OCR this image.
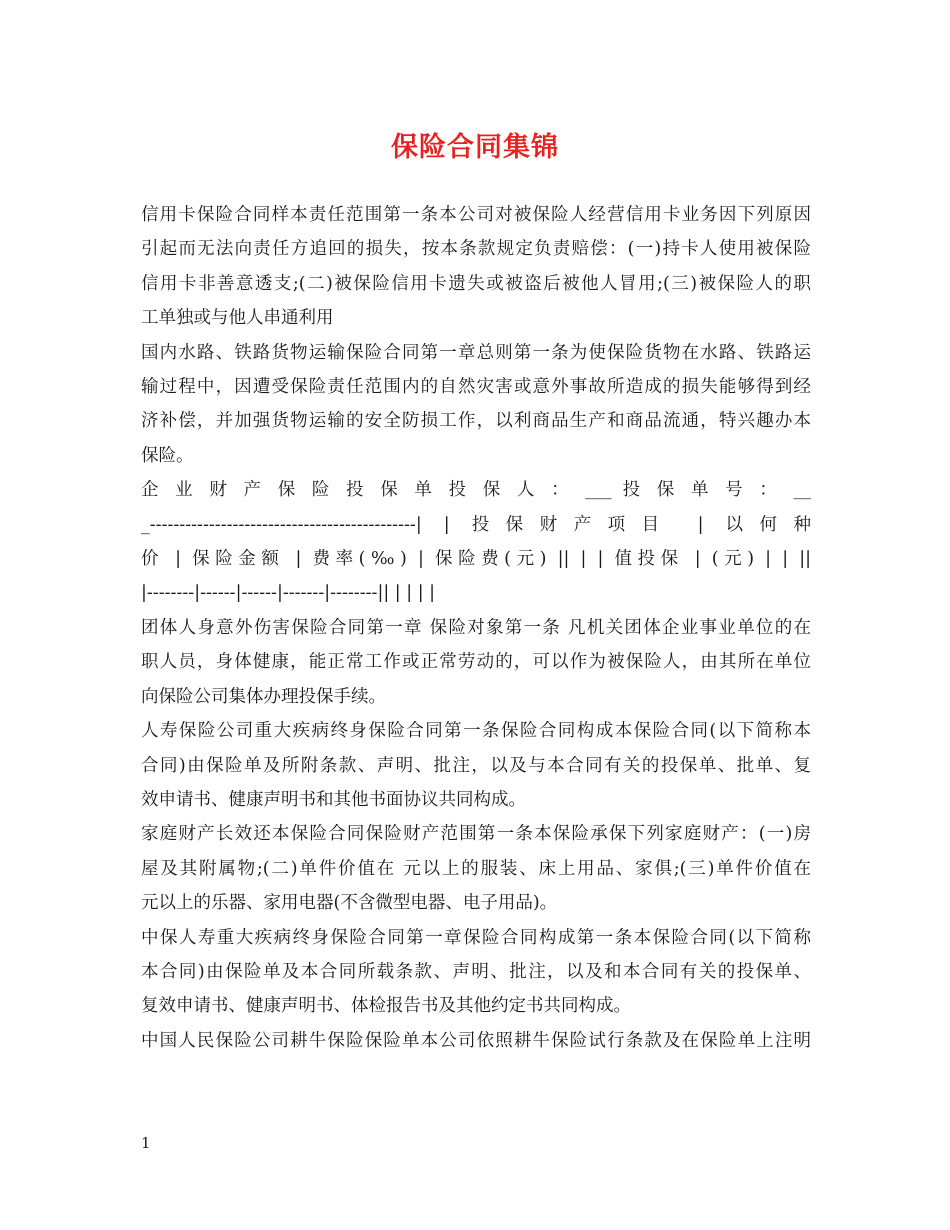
保险合同集锦

信用卡保险合同样本责任范围第一条本公司对被保险人经营信用卡业务因下列原因
引起而无法向责任方追回的损失，按本条款规定负责赔偿：(一)持卡人使用被保险
信用卡非善意透支;(二)被保险信用卡遗失或被盗后被他人冒用;(三)被保险人的职
工单独或与他人串通利用

国内水路、铁路货物运输保险合同第一章总则第一条为使保险货物在水路、铁路运
输过程中，因遭受保险责任范围内的自然灾害或意外事故所造成的损失能够得到经
济补偿，并加强货物运输的安全防损工作，以利商品生产和商品流通，特兴趣办本
保险。

企 业 财 产 保 险 投 保 单 投 保 人 ： ___ 投 保 单 号 ： __
_---------------------------------------------| | 投保财产项目 | 以何种
价 | 保险金额 | 费率(‰) | 保险费(元) || | | 值投保 | (元) | | ||
|--------|------|------|-------|--------|| | | | |

团体人身意外伤害保险合同第一章 保险对象第一条 凡机关团体企业事业单位的在
职人员，身体健康，能正常工作或正常劳动的，可以作为被保险人，由其所在单位
向保险公司集体办理投保手续。

人寿保险公司重大疾病终身保险合同第一条保险合同构成本保险合同(以下简称本
合同)由保险单及所附条款、声明、批注，以及与本合同有关的投保单、批单、复
效申请书、健康声明书和其他书面协议共同构成。

家庭财产长效还本保险合同保险财产范围第一条本保险承保下列家庭财产：(一)房
屋及其附属物;(二)单件价值在 元以上的服装、床上用品、家俱;(三)单件价值在
元以上的乐器、家用电器(不含微型电器、电子用品)。

中保人寿重大疾病终身保险合同第一章保险合同构成第一条本保险合同(以下简称
本合同)由保险单及本合同所载条款、声明、批注，以及和本合同有关的投保单、
复效申请书、健康声明书、体检报告书及其他约定书共同构成。

中国人民保险公司耕牛保险保险单本公司依照耕牛保险试行条款及在保险单上注明

1
